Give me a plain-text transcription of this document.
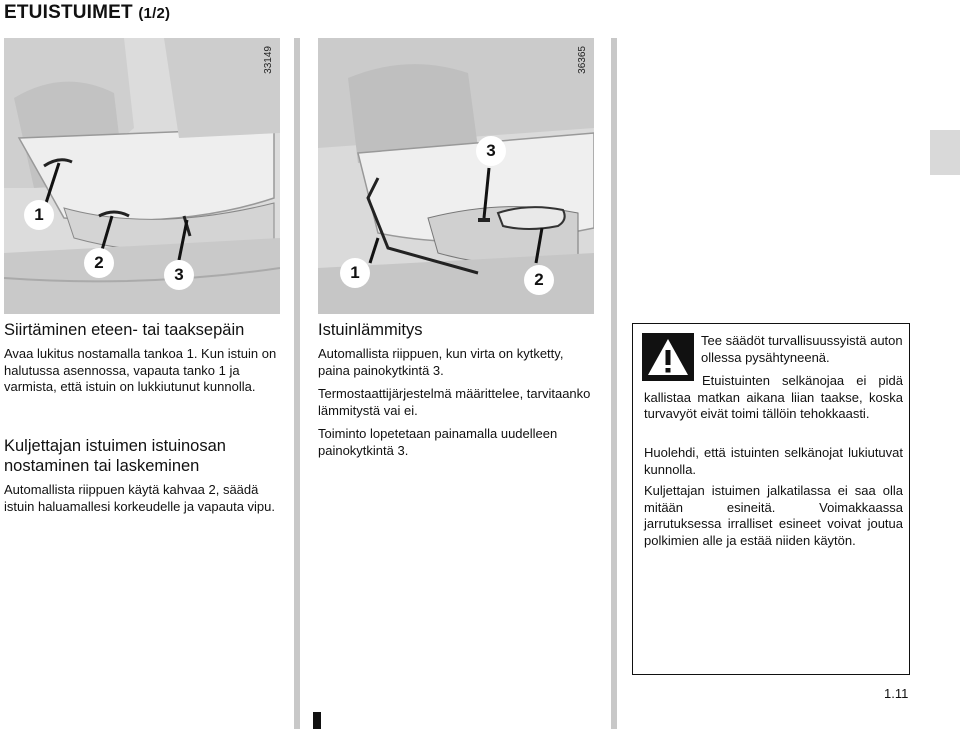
ETUISTUIMET (1/2)
33149
1
2
3
36365
1	2
3
Siirtäminen eteen- tai taaksepäin
Avaa lukitus nostamalla tankoa 1. Kun istuin on halutussa asennossa, vapauta tanko 1 ja varmista, että istuin on lukkiutunut kunnolla.
Kuljettajan istuimen istuinosan nostaminen tai laskeminen
Automallista riippuen käytä kahvaa 2, säädä istuin haluamallesi korkeudelle ja vapauta vipu.
Istuinlämmitys
Automallista riippuen, kun virta on kytketty, paina painokytkintä 3.
Termostaattijärjestelmä määrittelee, tarvitaanko lämmitystä vai ei.
Toiminto lopetetaan painamalla uudelleen painokytkintä 3.
Tee säädöt turvallisuussyistä auton ollessa pysähtyneenä.
Etuistuinten selkänojaa ei pidä kallistaa matkan aikana liian taakse, koska turvavyöt eivät toimi tällöin tehokkaasti.
Huolehdi, että istuinten selkänojat lukiutuvat kunnolla.
Kuljettajan istuimen jalkatilassa ei saa olla mitään esineitä. Voimakkaassa jarrutuksessa irralliset esineet voivat joutua polkimien alle ja estää niiden käytön.
1.11
